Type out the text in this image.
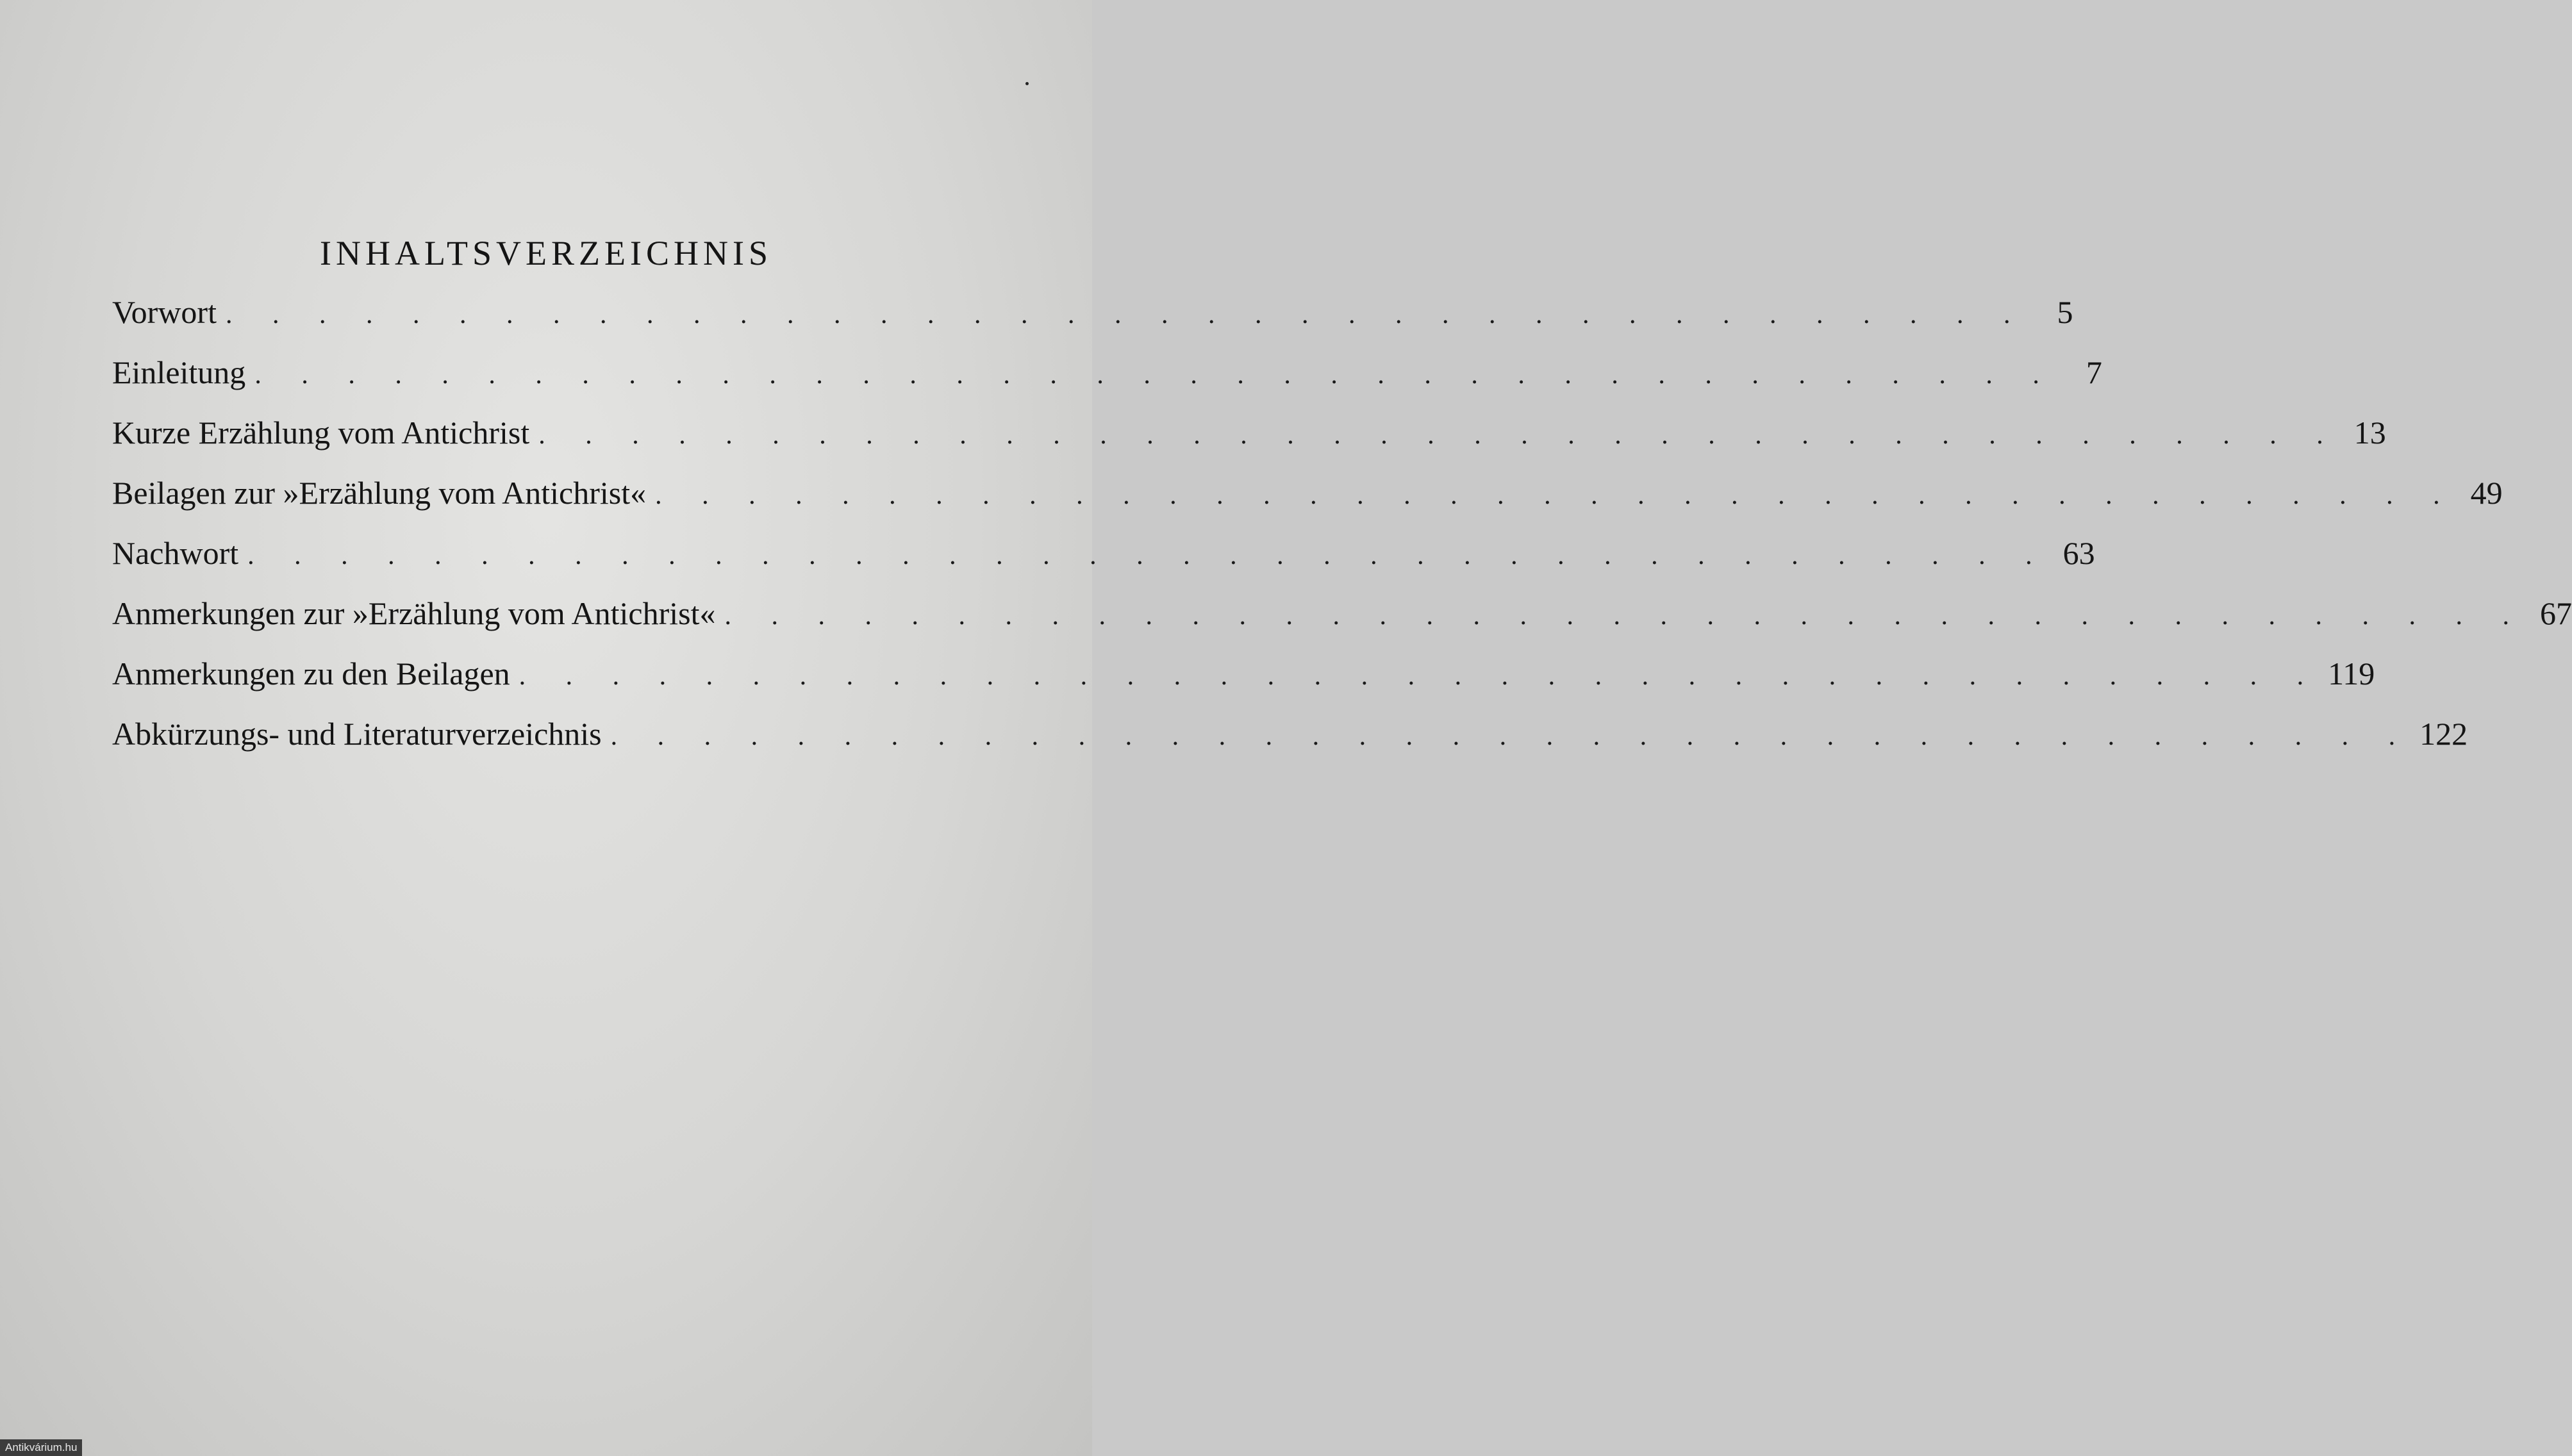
INHALTSVERZEICHNIS
Vorwort . . . . . . . . . . . . . . . . . . . . . . . . . . . . . . . . . . . . . . . 5
Einleitung . . . . . . . . . . . . . . . . . . . . . . . . . . . . . . . . . . . . . . . 7
Kurze Erzählung vom Antichrist . . . . . . . . . . . . . . . . . . . . . . . . . . . . . . . . . . . . . . . 13
Beilagen zur »Erzählung vom Antichrist« . . . . . . . . . . . . . . . . . . . . . . . . . . . . . . . . . . . . . . . 49
Nachwort . . . . . . . . . . . . . . . . . . . . . . . . . . . . . . . . . . . . . . . 63
Anmerkungen zur »Erzählung vom Antichrist« . . . . . . . . . . . . . . . . . . . . . . . . . . . . . . . . . . . . . . . 67
Anmerkungen zu den Beilagen . . . . . . . . . . . . . . . . . . . . . . . . . . . . . . . . . . . . . . . 119
Abkürzungs- und Literaturverzeichnis . . . . . . . . . . . . . . . . . . . . . . . . . . . . . . . . . . . . . . . 122
Antikvárium.hu
